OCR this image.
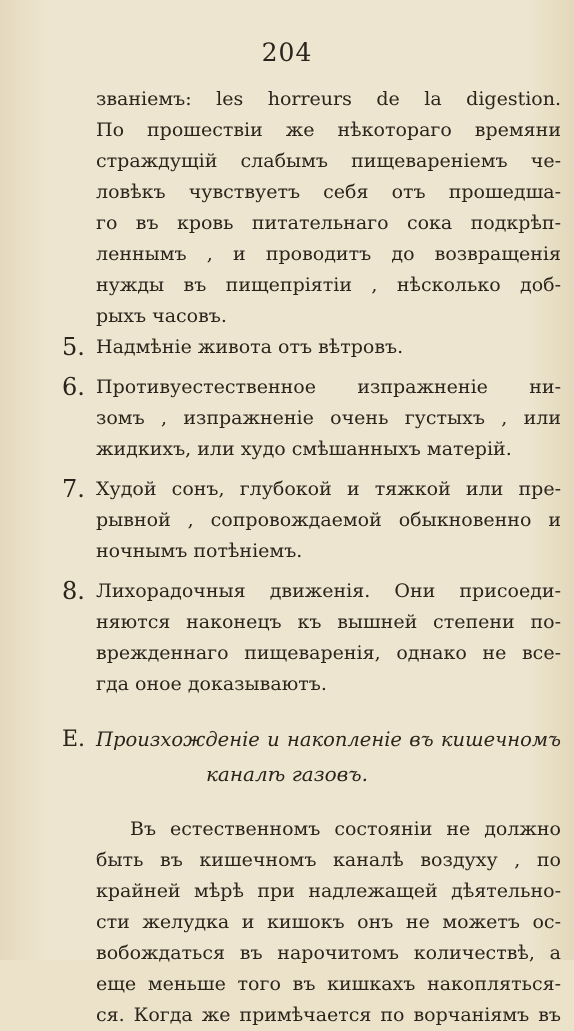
204
званіемъ: les horreurs de la digestion.
По прошествіи же нѣкотораго времяни
страждущій слабымъ пищевареніемъ че-
ловѣкъ чувствуетъ себя отъ прошедша-
го въ кровь питательнаго сока подкрѣп-
леннымъ , и проводитъ до возвращенія
нужды въ пищепріятіи , нѣсколько доб-
рыхъ часовъ.
5. Надмѣніе живота отъ вѣтровъ.
6. Противуестественное изпражненіе ни-
зомъ , изпражненіе очень густыхъ , или
жидкихъ, или худо смѣшанныхъ матерій.
7. Худой сонъ, глубокой и тяжкой или пре-
рывной , сопровождаемой обыкновенно и
ночнымъ потѣніемъ.
8. Лихорадочныя движенія. Они присоеди-
няются наконецъ къ вышней степени по-
врежденнаго пищеваренія, однако не все-
гда оное доказываютъ.
E. Произхожденіе и накопленіе въ кишечномъ
каналѣ газовъ.
Въ естественномъ состояніи не должно
быть въ кишечномъ каналѣ воздуху , по
крайней мѣрѣ при надлежащей дѣятельно-
сти желудка и кишокъ онъ не можетъ ос-
вобождаться въ нарочитомъ количествѣ, а
еще меньше того въ кишкахъ накопляться-
ся. Когда же примѣчается по ворчаніямъ въ
